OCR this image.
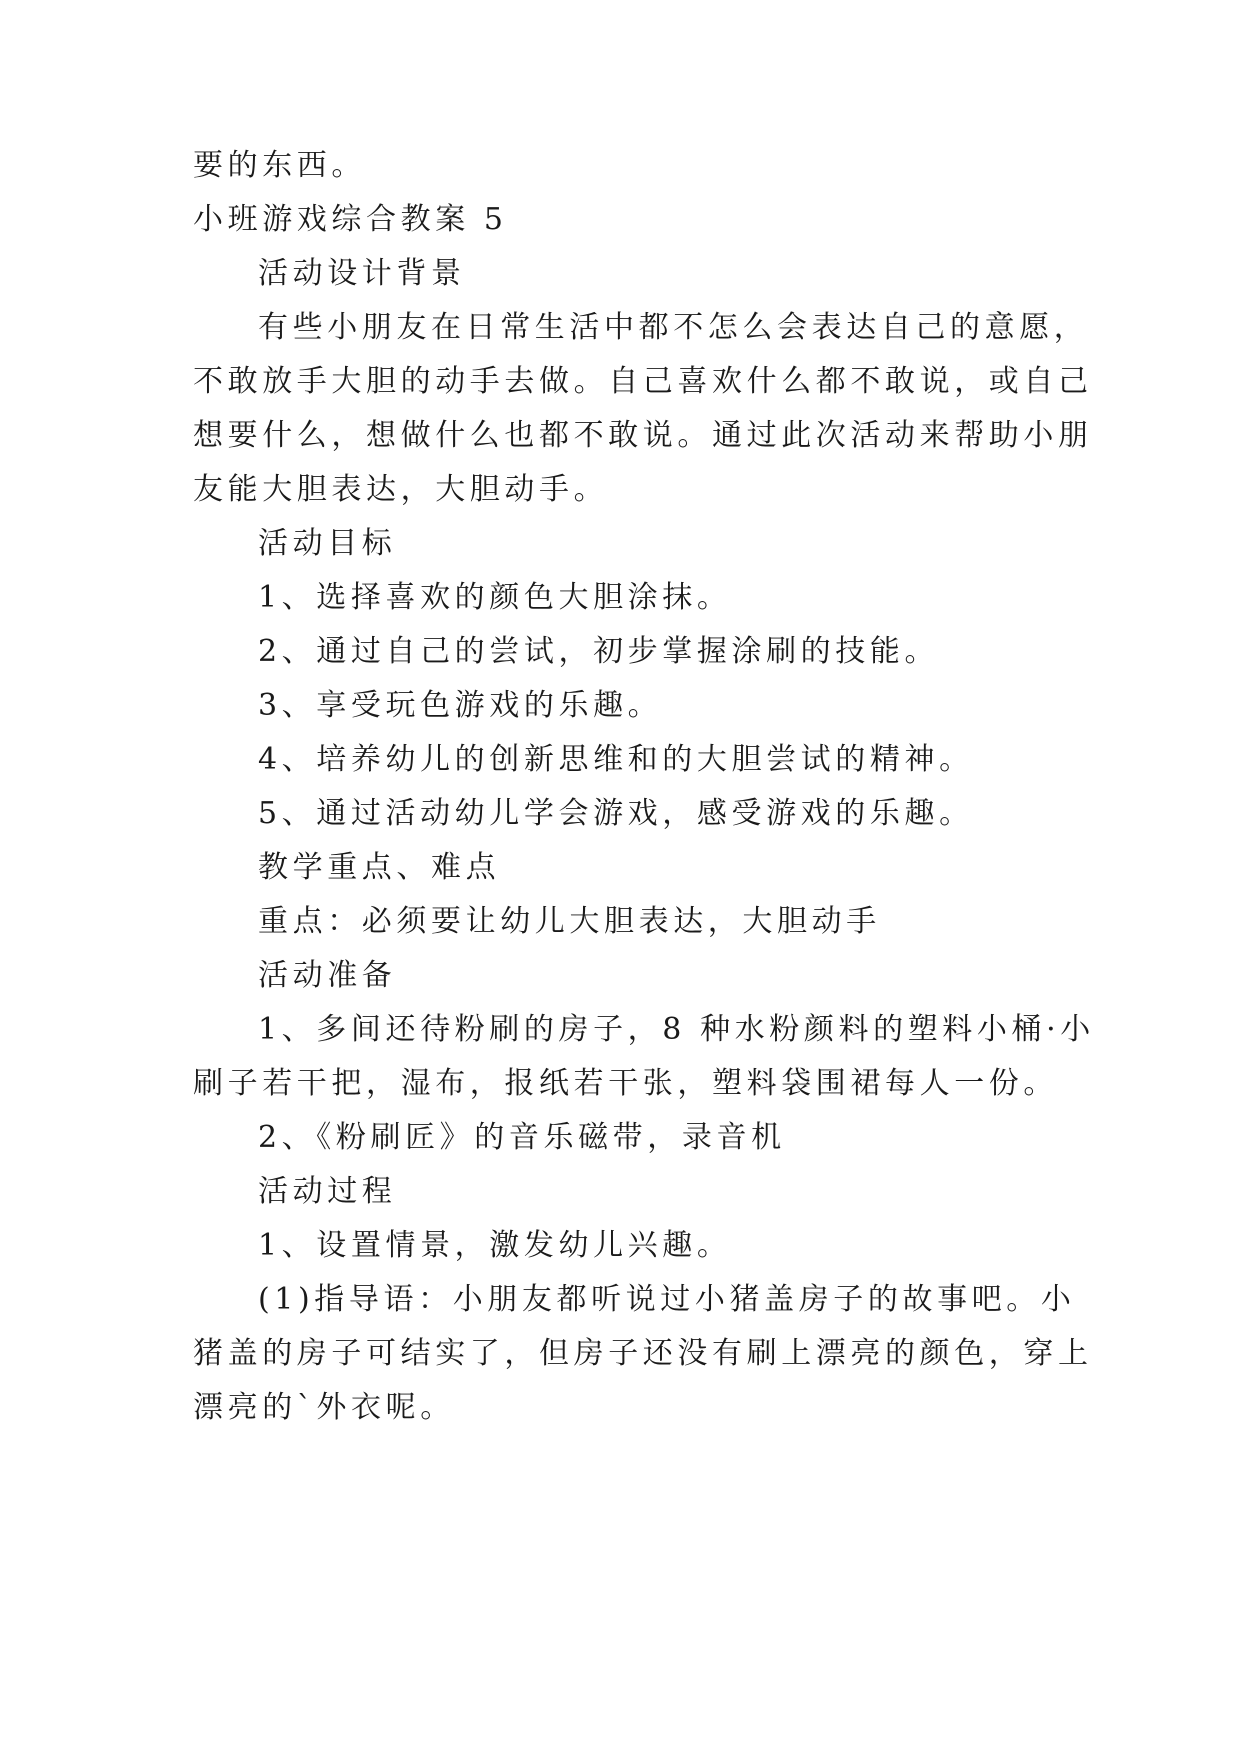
要的东西。
小班游戏综合教案 5
活动设计背景
有些小朋友在日常生活中都不怎么会表达自己的意愿，
不敢放手大胆的动手去做。自己喜欢什么都不敢说，或自己
想要什么，想做什么也都不敢说。通过此次活动来帮助小朋
友能大胆表达，大胆动手。
活动目标
1、选择喜欢的颜色大胆涂抹。
2、通过自己的尝试，初步掌握涂刷的技能。
3、享受玩色游戏的乐趣。
4、培养幼儿的创新思维和的大胆尝试的精神。
5、通过活动幼儿学会游戏，感受游戏的乐趣。
教学重点、难点
重点：必须要让幼儿大胆表达，大胆动手
活动准备
1、多间还待粉刷的房子，8 种水粉颜料的塑料小桶·小
刷子若干把，湿布，报纸若干张，塑料袋围裙每人一份。
2、《粉刷匠》的音乐磁带，录音机
活动过程
1、设置情景，激发幼儿兴趣。
(1)指导语：小朋友都听说过小猪盖房子的故事吧。小
猪盖的房子可结实了，但房子还没有刷上漂亮的颜色，穿上
漂亮的`外衣呢。
